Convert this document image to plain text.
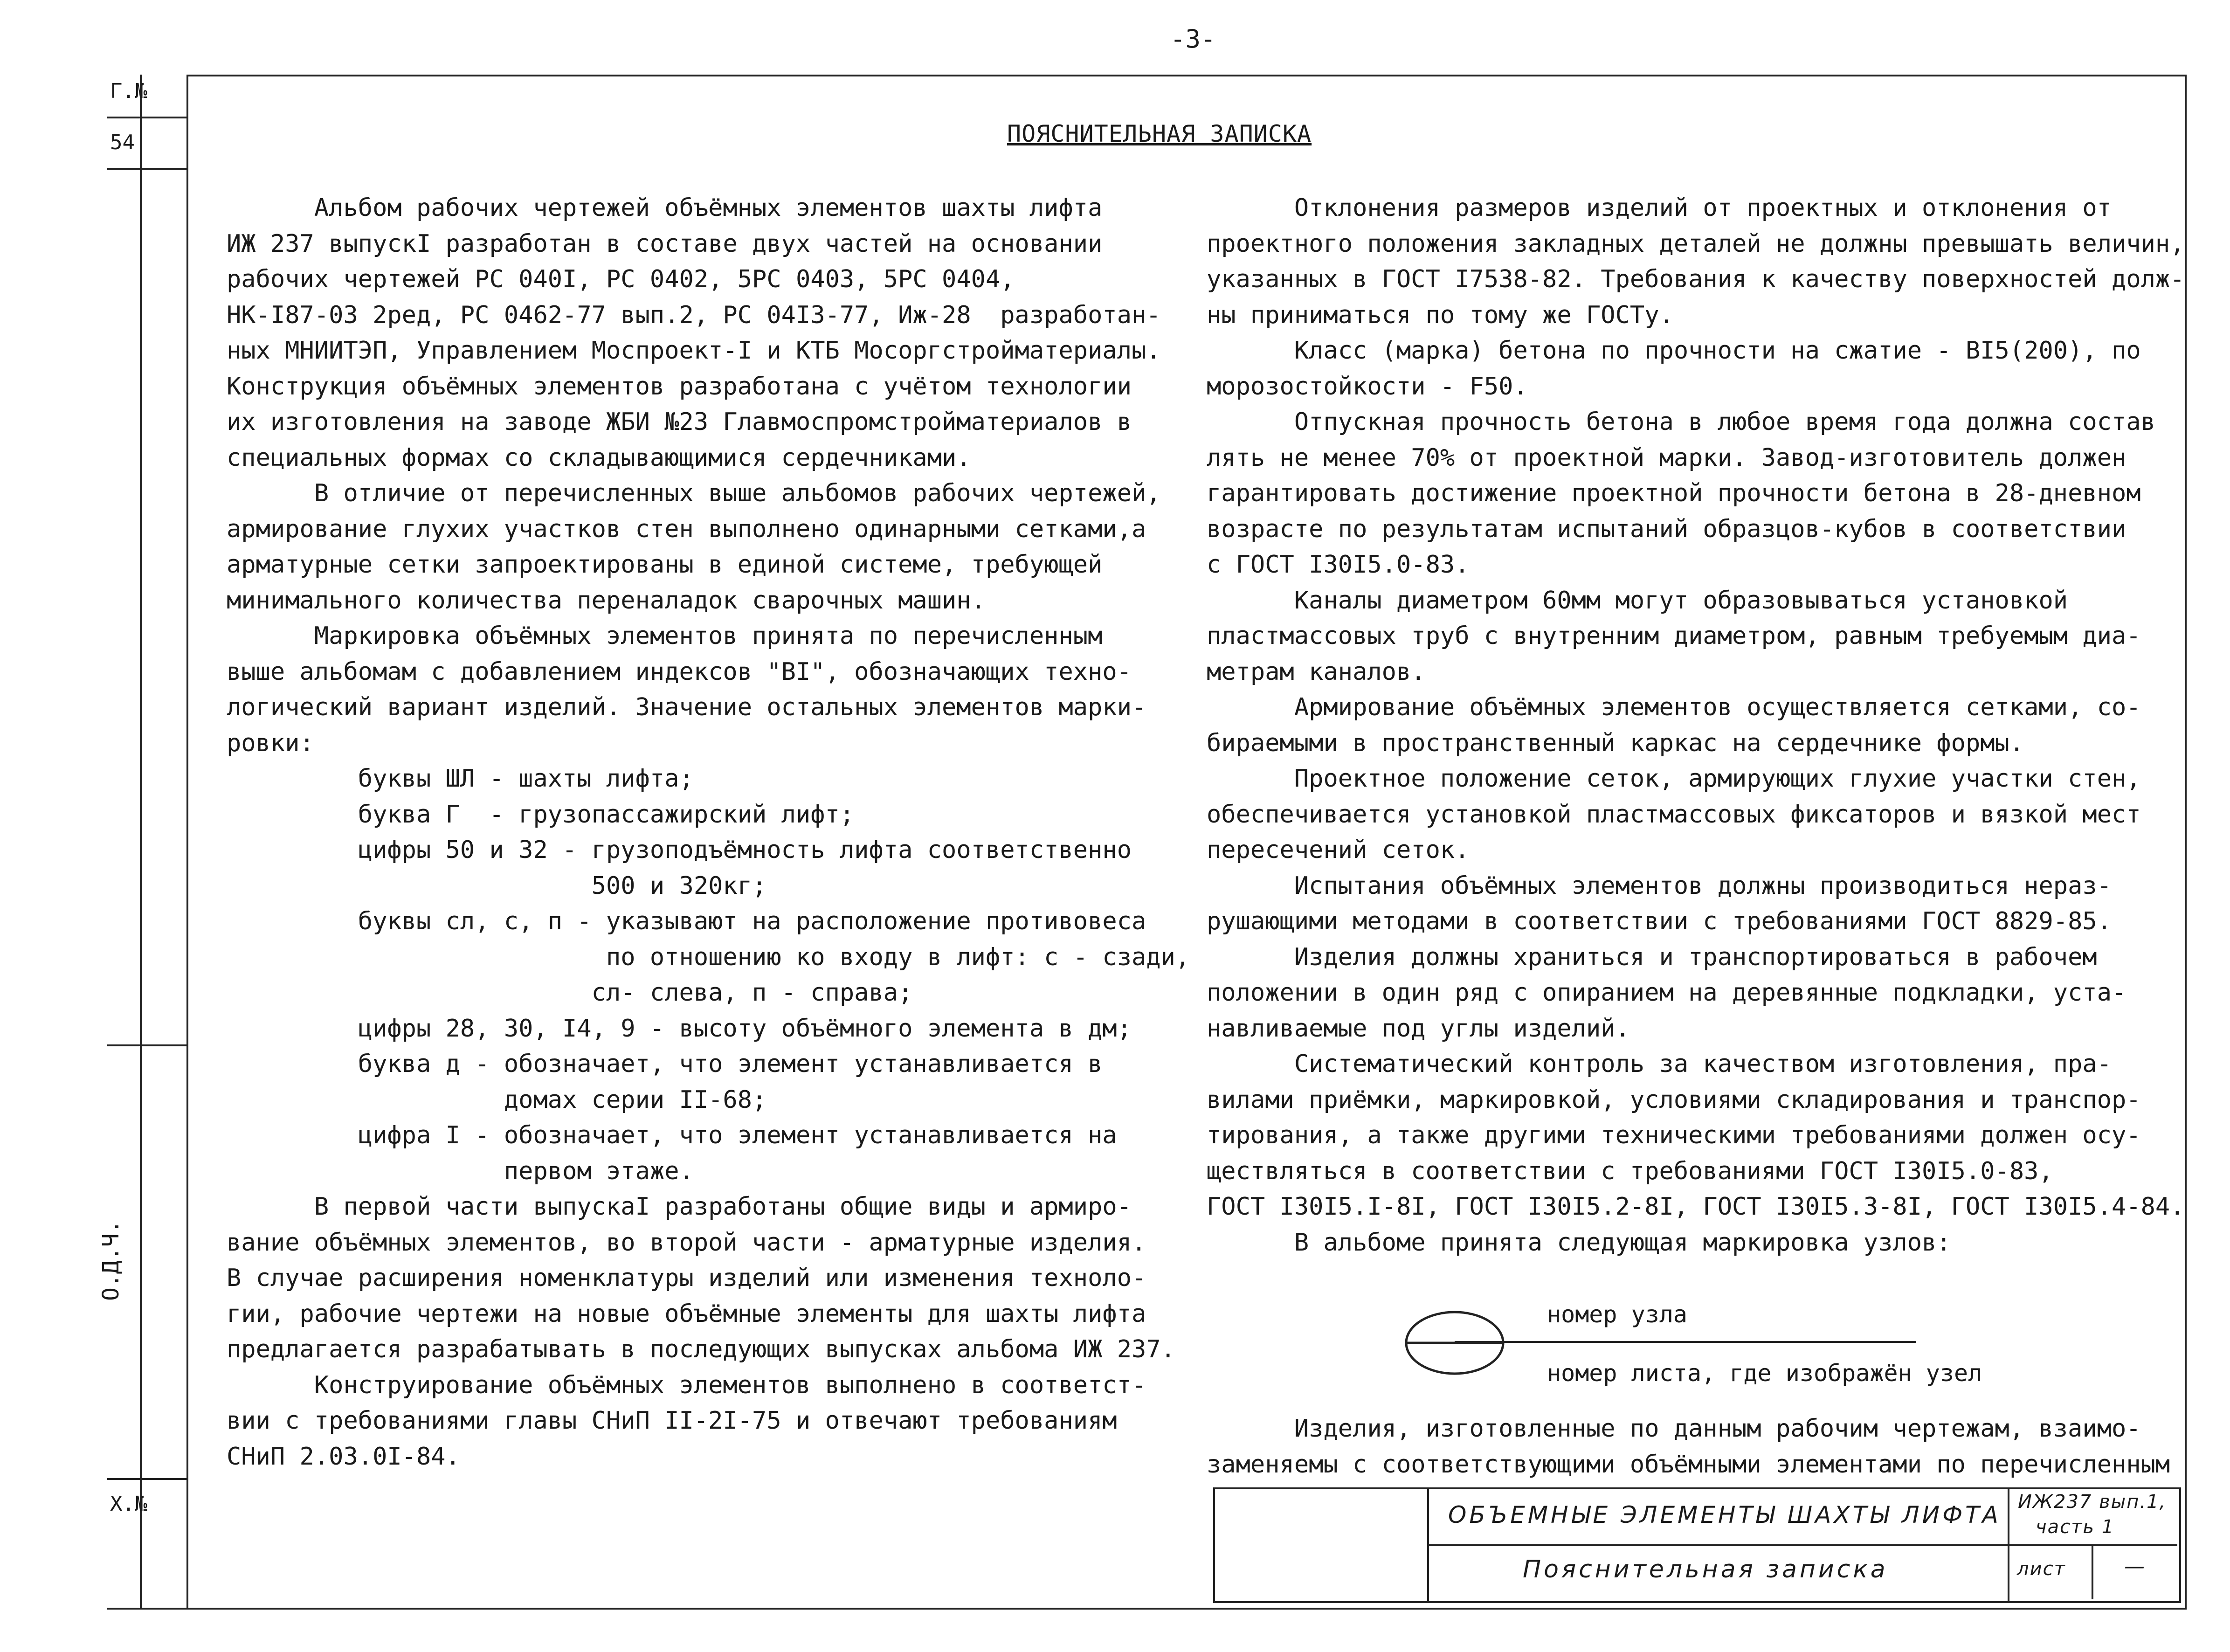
-3-
Г.№
54
О.Д.Ч.
Х.№
ПОЯСНИТЕЛЬНАЯ ЗАПИСКА
Альбом рабочих чертежей объёмных элементов шахты лифта
ИЖ 237 выпускI разработан в составе двух частей на основании
рабочих чертежей РС 040I, РС 0402, 5РС 0403, 5РС 0404,
НК-I87-03 2ред, РС 0462-77 вып.2, РС 04I3-77, Иж-28  разработан-
ных МНИИТЭП, Управлением Моспроект-I и КТБ Мосоргстройматериалы.
Конструкция объёмных элементов разработана с учётом технологии
их изготовления на заводе ЖБИ №23 Главмоспромстройматериалов в
специальных формах со складывающимися сердечниками.
В отличие от перечисленных выше альбомов рабочих чертежей,
армирование глухих участков стен выполнено одинарными сетками,а
арматурные сетки запроектированы в единой системе, требующей
минимального количества переналадок сварочных машин.
Маркировка объёмных элементов принята по перечисленным
выше альбомам с добавлением индексов "ВI", обозначающих техно-
логический вариант изделий. Значение остальных элементов марки-
ровки:
буквы ШЛ - шахты лифта;
буква Г  - грузопассажирский лифт;
цифры 50 и 32 - грузоподъёмность лифта соответственно
500 и 320кг;
буквы сл, с, п - указывают на расположение противовеса
по отношению ко входу в лифт: с - сзади,
сл- слева, п - справа;
цифры 28, 30, I4, 9 - высоту объёмного элемента в дм;
буква д - обозначает, что элемент устанавливается в
домах серии II-68;
цифра I - обозначает, что элемент устанавливается на
первом этаже.
В первой части выпускаI разработаны общие виды и армиро-
вание объёмных элементов, во второй части - арматурные изделия.
В случае расширения номенклатуры изделий или изменения техноло-
гии, рабочие чертежи на новые объёмные элементы для шахты лифта
предлагается разрабатывать в последующих выпусках альбома ИЖ 237.
Конструирование объёмных элементов выполнено в соответст-
вии с требованиями главы СНиП II-2I-75 и отвечают требованиям
СНиП 2.03.0I-84.
Отклонения размеров изделий от проектных и отклонения от
проектного положения закладных деталей не должны превышать величин,
указанных в ГОСТ I7538-82. Требования к качеству поверхностей долж-
ны приниматься по тому же ГОСТу.
Класс (марка) бетона по прочности на сжатие - ВI5(200), по
морозостойкости - F50.
Отпускная прочность бетона в любое время года должна состав
лять не менее 70% от проектной марки. Завод-изготовитель должен
гарантировать достижение проектной прочности бетона в 28-дневном
возрасте по результатам испытаний образцов-кубов в соответствии
с ГОСТ I30I5.0-83.
Каналы диаметром 60мм могут образовываться установкой
пластмассовых труб с внутренним диаметром, равным требуемым диа-
метрам каналов.
Армирование объёмных элементов осуществляется сетками, со-
бираемыми в пространственный каркас на сердечнике формы.
Проектное положение сеток, армирующих глухие участки стен,
обеспечивается установкой пластмассовых фиксаторов и вязкой мест
пересечений сеток.
Испытания объёмных элементов должны производиться нераз-
рушающими методами в соответствии с требованиями ГОСТ 8829-85.
Изделия должны храниться и транспортироваться в рабочем
положении в один ряд с опиранием на деревянные подкладки, уста-
навливаемые под углы изделий.
Систематический контроль за качеством изготовления, пра-
вилами приёмки, маркировкой, условиями складирования и транспор-
тирования, а также другими техническими требованиями должен осу-
ществляться в соответствии с требованиями ГОСТ I30I5.0-83,
ГОСТ I30I5.I-8I, ГОСТ I30I5.2-8I, ГОСТ I30I5.3-8I, ГОСТ I30I5.4-84.
В альбоме принята следующая маркировка узлов:
номер узла
номер листа, где изображён узел
Изделия, изготовленные по данным рабочим чертежам, взаимо-
заменяемы с соответствующими объёмными элементами по перечисленным
ОБЪЕМНЫЕ ЭЛЕМЕНТЫ ШАХТЫ ЛИФТА ИЖ237 вып.1,
часть 1
Пояснительная записка	лист	—
